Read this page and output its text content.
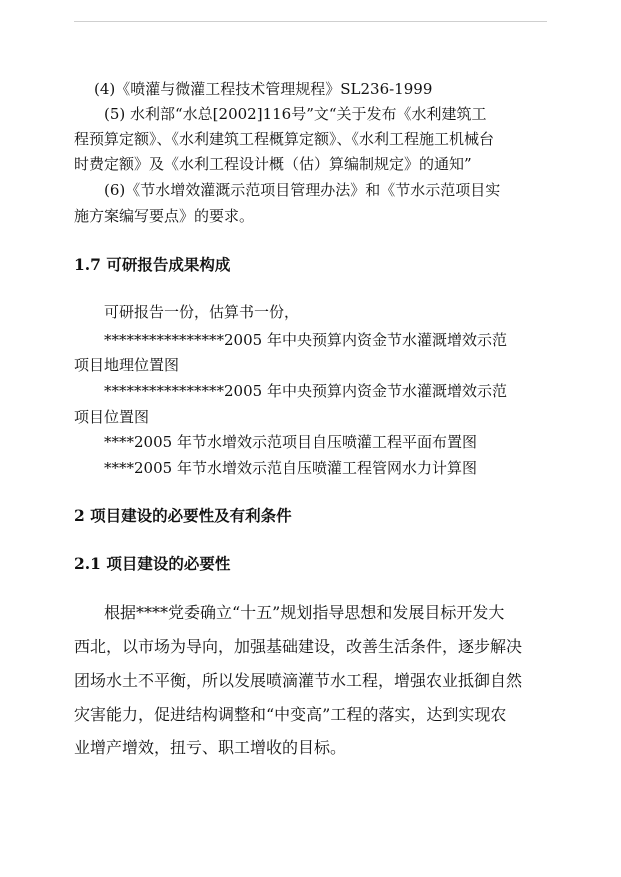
(4)《喷灌与微灌工程技术管理规程》SL236-1999
(5) 水利部“水总[2002]116号”文“关于发布《水利建筑工
程预算定额》、《水利建筑工程概算定额》、《水利工程施工机械台
时费定额》及《水利工程设计概（估）算编制规定》的通知”
(6)《节水增效灌溉示范项目管理办法》和《节水示范项目实
施方案编写要点》的要求。
1.7 可研报告成果构成
可研报告一份，估算书一份，
****************2005 年中央预算内资金节水灌溉增效示范
项目地理位置图
****************2005 年中央预算内资金节水灌溉增效示范
项目位置图
****2005 年节水增效示范项目自压喷灌工程平面布置图
****2005 年节水增效示范自压喷灌工程管网水力计算图
2 项目建设的必要性及有利条件
2.1 项目建设的必要性
根据****党委确立“十五”规划指导思想和发展目标开发大
西北，以市场为导向，加强基础建设，改善生活条件，逐步解决
团场水土不平衡，所以发展喷滴灌节水工程，增强农业抵御自然
灾害能力，促进结构调整和“中变高”工程的落实，达到实现农
业增产增效，扭亏、职工增收的目标。
